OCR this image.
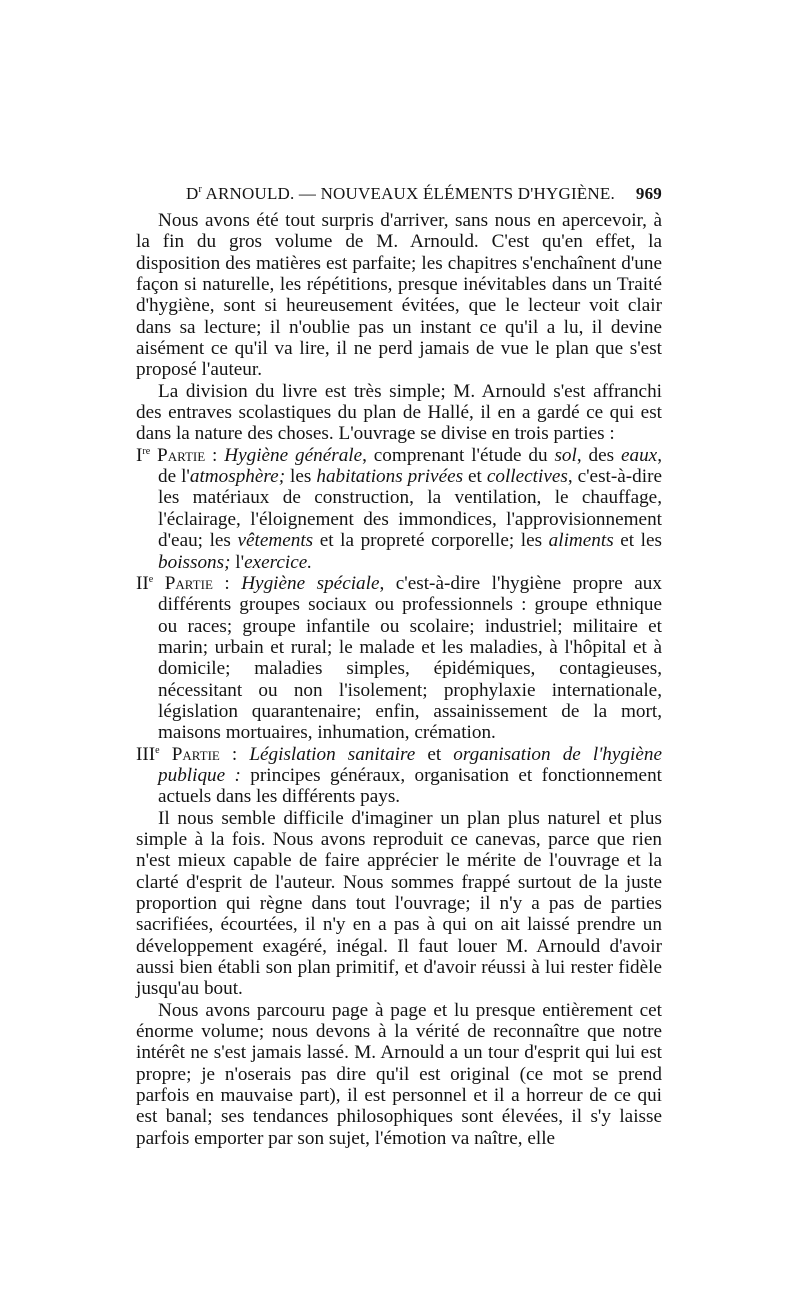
$D^r$ ARNOULD. — NOUVEAUX ÉLÉMENTS D'HYGIÈNE. 969

Nous avons été tout surpris d'arriver, sans nous en apercevoir, à la fin du gros volume de M. Arnould. C'est qu'en effet, la disposition des matières est parfaite; les chapitres s'enchaînent d'une façon si naturelle, les répétitions, presque inévitables dans un Traité d'hygiène, sont si heureusement évitées, que le lecteur voit clair dans sa lecture; il n'oublie pas un instant ce qu'il a lu, il devine aisément ce qu'il va lire, il ne perd jamais de vue le plan que s'est proposé l'auteur.

La division du livre est très simple; M. Arnould s'est affranchi des entraves scolastiques du plan de Hallé, il en a gardé ce qui est dans la nature des choses. L'ouvrage se divise en trois parties :

Ire Partie : Hygiène générale, comprenant l'étude du sol, des eaux, de l'atmosphère; les habitations privées et collectives, c'est-à-dire les matériaux de construction, la ventilation, le chauffage, l'éclairage, l'éloignement des immondices, l'approvisionnement d'eau; les vêtements et la propreté corporelle; les aliments et les boissons; l'exercice.

IIe Partie : Hygiène spéciale, c'est-à-dire l'hygiène propre aux différents groupes sociaux ou professionnels : groupe ethnique ou races; groupe infantile ou scolaire; industriel; militaire et marin; urbain et rural; le malade et les maladies, à l'hôpital et à domicile; maladies simples, épidémiques, contagieuses, nécessitant ou non l'isolement; prophylaxie internationale, législation quarantenaire; enfin, assainissement de la mort, maisons mortuaires, inhumation, crémation.

IIIe Partie : Législation sanitaire et organisation de l'hygiène publique : principes généraux, organisation et fonctionnement actuels dans les différents pays.

Il nous semble difficile d'imaginer un plan plus naturel et plus simple à la fois. Nous avons reproduit ce canevas, parce que rien n'est mieux capable de faire apprécier le mérite de l'ouvrage et la clarté d'esprit de l'auteur. Nous sommes frappé surtout de la juste proportion qui règne dans tout l'ouvrage; il n'y a pas de parties sacrifiées, écourtées, il n'y en a pas à qui on ait laissé prendre un développement exagéré, inégal. Il faut louer M. Arnould d'avoir aussi bien établi son plan primitif, et d'avoir réussi à lui rester fidèle jusqu'au bout.

Nous avons parcouru page à page et lu presque entièrement cet énorme volume; nous devons à la vérité de reconnaître que notre intérêt ne s'est jamais lassé. M. Arnould a un tour d'esprit qui lui est propre; je n'oserais pas dire qu'il est original (ce mot se prend parfois en mauvaise part), il est personnel et il a horreur de ce qui est banal; ses tendances philosophiques sont élevées, il s'y laisse parfois emporter par son sujet, l'émotion va naître, elle
